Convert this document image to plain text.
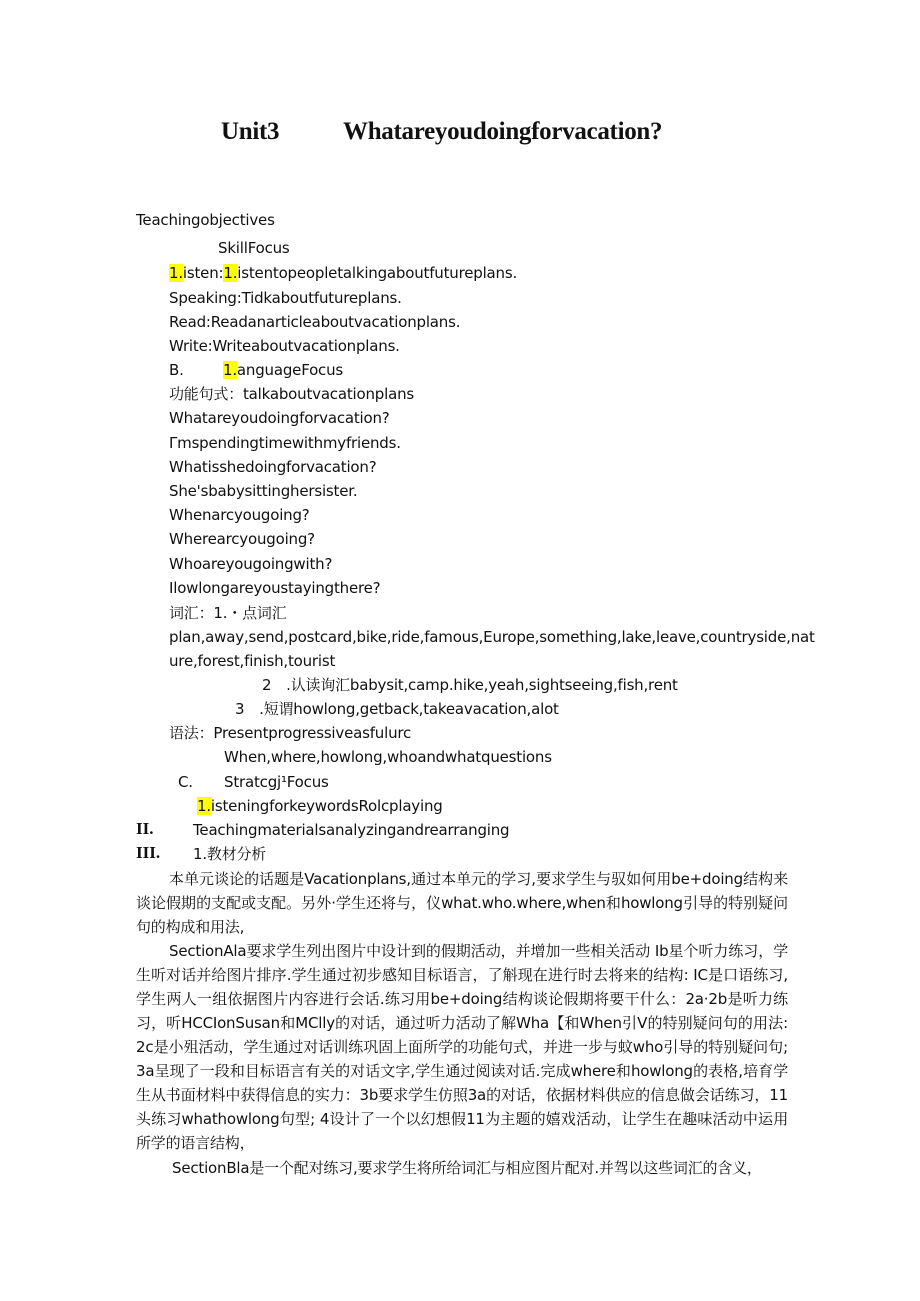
Unit3	Whatareyoudoingforvacation?
Teachingobjectives
SkillFocus
1.isten:1.istentopeopletalkingaboutfutureplans.
Speaking:Tidkaboutfutureplans.
Read:Readanarticleaboutvacationplans.
Write:Writeaboutvacationplans.
B.	1.anguageFocus
功能句式：talkaboutvacationplans
Whatareyoudoingforvacation?
Γmspendingtimewithmyfriends.
Whatisshedoingforvacation?
She'sbabysittinghersister.
Whenarcyougoing?
Wherearcyougoing?
Whoareyougoingwith?
Ilowlongareyoustayingthere?
词汇：1.・点词汇
plan,away,send,postcard,bike,ride,famous,Europe,something,lake,leave,countryside,nat
ure,forest,finish,tourist
2　.认读询汇babysit,camp.hike,yeah,sightseeing,fish,rent
3　.短谓howlong,getback,takeavacation,alot
语法：Presentprogressiveasfulurc
When,where,howlong,whoandwhatquestions
C. Stratcgj¹Focus
1.isteningforkeywordsRolcplaying
II.	Teachingmaterialsanalyzingandrearranging
III. 1.教材分析
本单元谈论的话题是Vacationplans,通过本单元的学习,要求学生与驭如何用be+doing结构来谈论假期的支配或支配。另外·学生还将与，仪what.who.where,when和howlong引导的特别疑问句的构成和用法,
SectionAla要求学生列出图片中设计到的假期活动，并增加一些相关活动 Ib星个听力练习，学生听对话并给图片排序.学生通过初步感知目标语言，了斛现在进行时去将来的结构: IC是口语练习,学生两人一组依据图片内容进行会话.练习用be+doing结构谈论假期将要干什么：2a·2b是听力练习，听HCCIonSusan和MClly的对话，通过听力活动了解Wha【和When引V的特别疑问句的用法: 2c是小殂活动，学生通过对话训练巩固上面所学的功能句式，并进一步与蚊who引导的特别疑问句; 3a呈现了一段和目标语言有关的对话文字,学生通过阅读对话.完成where和howlong的表格,培育学生从书面材料中获得信息的实力：3b要求学生仿照3a的对话，依据材料供应的信息做会话练习，11头练习whathowlong句型; 4设计了一个以幻想假11为主题的嬉戏活动，让学生在趣味活动中运用所学的语言结构，
SectionBla是一个配对练习,要求学生将所给词汇与相应图片配对.并驾以这些词汇的含义，
